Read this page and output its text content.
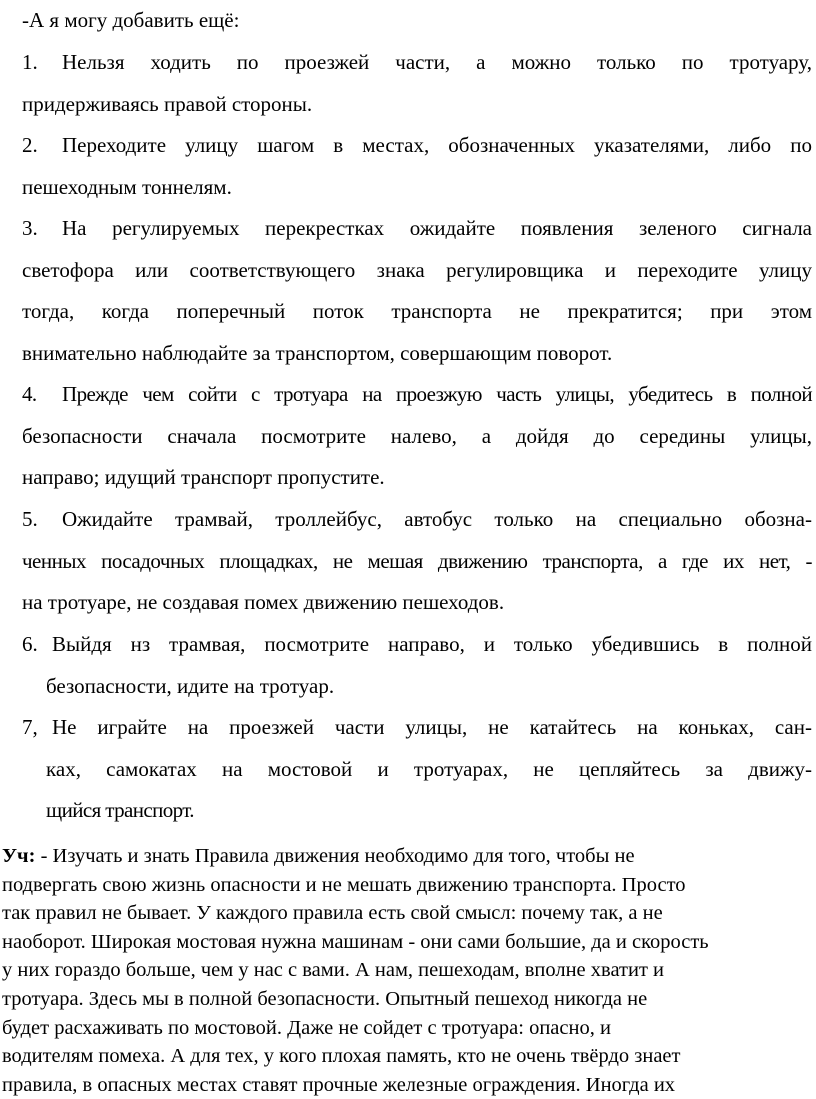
-А я могу добавить ещё:
1. Нельзя ходить по проезжей части, а можно только по тротуару,
придерживаясь правой стороны.
2. Переходите улицу шагом в местах, обозначенных указателями, либо по
пешеходным тоннелям.
3. На регулируемых перекрестках ожидайте появления зеленого сигнала
светофора или соответствующего знака регулировщика и переходите улицу
тогда, когда поперечный поток транспорта не прекратится; при этом
внимательно наблюдайте за транспортом, совершающим поворот.
4. Прежде чем сойти с тротуара на проезжую часть улицы, убедитесь в полной
безопасности сначала посмотрите налево, а дойдя до середины улицы,
направо; идущий транспорт пропустите.
5. Ожидайте трамвай, троллейбус, автобус только на специально обозна-
ченных посадочных площадках, не мешая движению транспорта, а где их нет, -
на тротуаре, не создавая помех движению пешеходов.
6. Выйдя нз трамвая, посмотрите направо, и только убедившись в полной
безопасности, идите на тротуар.
7, Не играйте на проезжей части улицы, не катайтесь на коньках, сан-
ках, самокатах на мостовой и тротуарах, не цепляйтесь за движу-
щийся транспорт.
Уч: - Изучать и знать Правила движения необходимо для того, чтобы не
подвергать свою жизнь опасности и не мешать движению транспорта. Просто
так правил не бывает. У каждого правила есть свой смысл: почему так, а не
наоборот. Широкая мостовая нужна машинам - они сами большие, да и скорость
у них гораздо больше, чем у нас с вами. А нам, пешеходам, вполне хватит и
тротуара. Здесь мы в полной безопасности. Опытный пешеход никогда не
будет расхаживать по мостовой. Даже не сойдет с тротуара: опасно, и
водителям помеха. А для тех, у кого плохая память, кто не очень твёрдо знает
правила, в опасных местах ставят прочные железные ограждения. Иногда их
